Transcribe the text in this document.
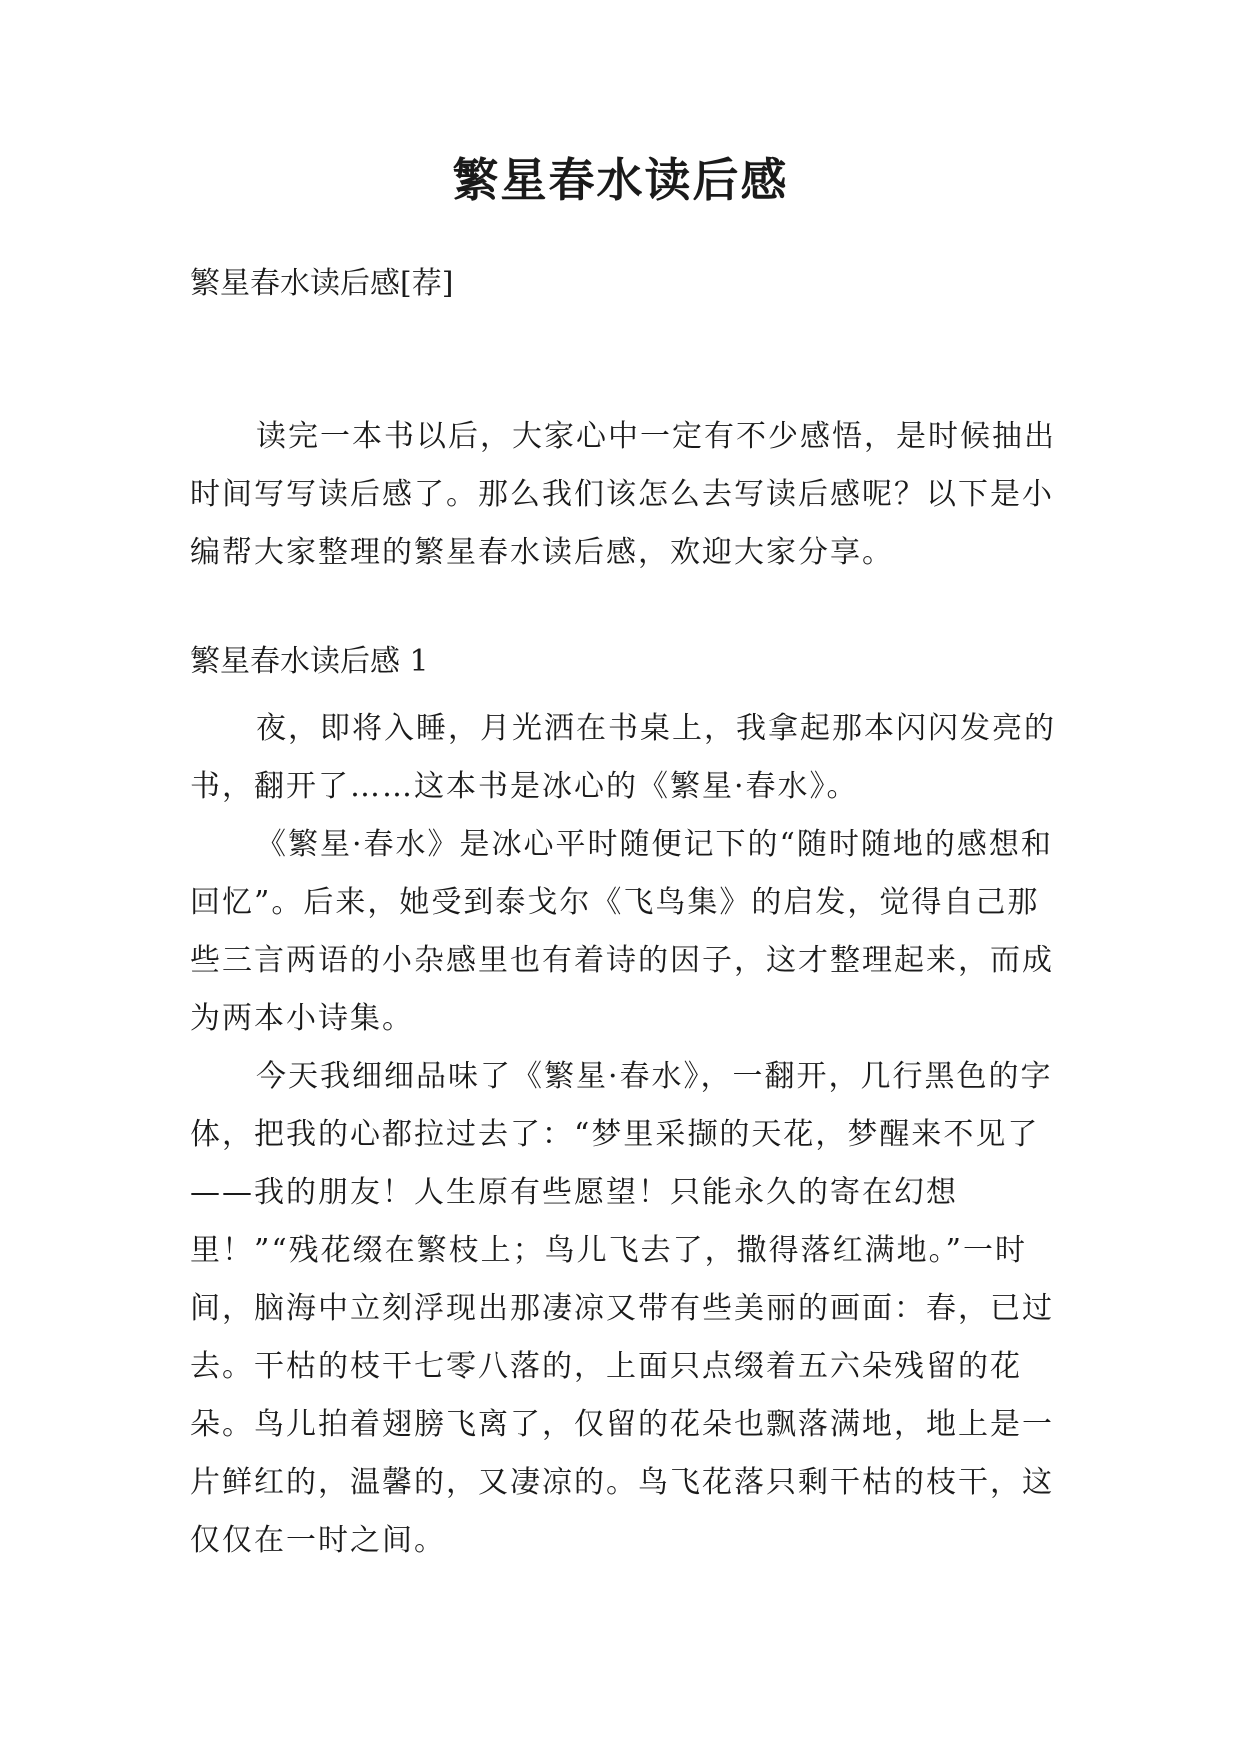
繁星春水读后感

繁星春水读后感[荐]

读完一本书以后，大家心中一定有不少感悟，是时候抽出时间写写读后感了。那么我们该怎么去写读后感呢？以下是小编帮大家整理的繁星春水读后感，欢迎大家分享。

繁星春水读后感 1

夜，即将入睡，月光洒在书桌上，我拿起那本闪闪发亮的书，翻开了……这本书是冰心的《繁星·春水》。

《繁星·春水》是冰心平时随便记下的“随时随地的感想和回忆”。后来，她受到泰戈尔《飞鸟集》的启发，觉得自己那些三言两语的小杂感里也有着诗的因子，这才整理起来，而成为两本小诗集。

今天我细细品味了《繁星·春水》，一翻开，几行黑色的字体，把我的心都拉过去了：“梦里采撷的天花，梦醒来不见了——我的朋友！人生原有些愿望！只能永久的寄在幻想里！”“残花缀在繁枝上；鸟儿飞去了，撒得落红满地。”一时间，脑海中立刻浮现出那凄凉又带有些美丽的画面：春，已过去。干枯的枝干七零八落的，上面只点缀着五六朵残留的花朵。鸟儿拍着翅膀飞离了，仅留的花朵也飘落满地，地上是一片鲜红的，温馨的，又凄凉的。鸟飞花落只剩干枯的枝干，这仅仅在一时之间。
